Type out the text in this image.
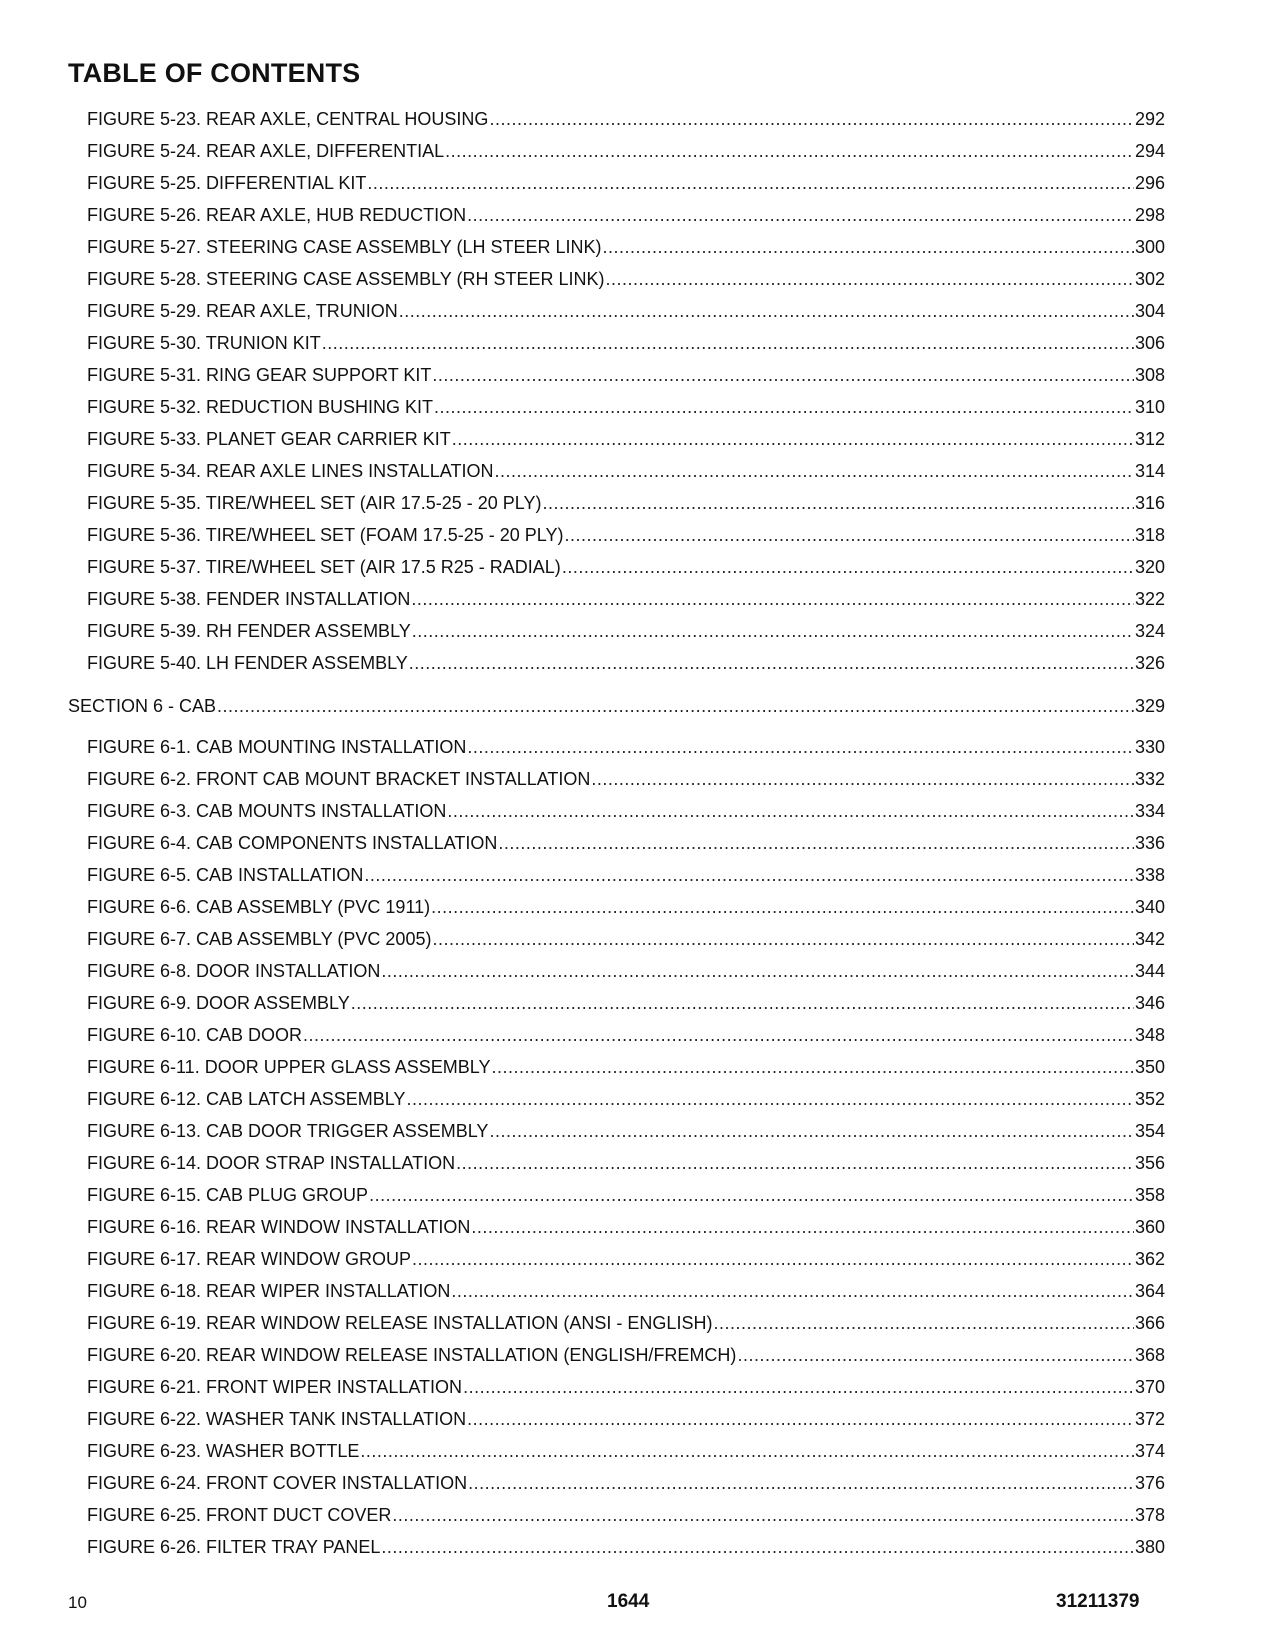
TABLE OF CONTENTS
FIGURE 5-23. REAR AXLE, CENTRAL HOUSING .....	292
FIGURE 5-24. REAR AXLE, DIFFERENTIAL .....	294
FIGURE 5-25. DIFFERENTIAL KIT .....	296
FIGURE 5-26. REAR AXLE, HUB REDUCTION .....	298
FIGURE 5-27. STEERING CASE ASSEMBLY (LH STEER LINK) .....	300
FIGURE 5-28. STEERING CASE ASSEMBLY (RH STEER LINK) .....	302
FIGURE 5-29. REAR AXLE, TRUNION .....	304
FIGURE 5-30. TRUNION KIT .....	306
FIGURE 5-31. RING GEAR SUPPORT KIT .....	308
FIGURE 5-32. REDUCTION BUSHING KIT .....	310
FIGURE 5-33. PLANET GEAR CARRIER KIT .....	312
FIGURE 5-34. REAR AXLE LINES INSTALLATION .....	314
FIGURE 5-35. TIRE/WHEEL SET (AIR 17.5-25 - 20 PLY) .....	316
FIGURE 5-36. TIRE/WHEEL SET (FOAM 17.5-25 - 20 PLY) .....	318
FIGURE 5-37. TIRE/WHEEL SET (AIR 17.5 R25 - RADIAL) .....	320
FIGURE 5-38. FENDER INSTALLATION .....	322
FIGURE 5-39. RH FENDER ASSEMBLY .....	324
FIGURE 5-40. LH FENDER ASSEMBLY .....	326
SECTION 6 - CAB .....	329
FIGURE 6-1. CAB MOUNTING INSTALLATION .....	330
FIGURE 6-2. FRONT CAB MOUNT BRACKET INSTALLATION .....	332
FIGURE 6-3. CAB MOUNTS INSTALLATION .....	334
FIGURE 6-4. CAB COMPONENTS INSTALLATION .....	336
FIGURE 6-5. CAB INSTALLATION .....	338
FIGURE 6-6. CAB ASSEMBLY (PVC 1911) .....	340
FIGURE 6-7. CAB ASSEMBLY (PVC 2005) .....	342
FIGURE 6-8. DOOR INSTALLATION .....	344
FIGURE 6-9. DOOR ASSEMBLY .....	346
FIGURE 6-10. CAB DOOR .....	348
FIGURE 6-11. DOOR UPPER GLASS ASSEMBLY .....	350
FIGURE 6-12. CAB LATCH ASSEMBLY .....	352
FIGURE 6-13. CAB DOOR TRIGGER ASSEMBLY .....	354
FIGURE 6-14. DOOR STRAP INSTALLATION .....	356
FIGURE 6-15. CAB PLUG GROUP .....	358
FIGURE 6-16. REAR WINDOW INSTALLATION .....	360
FIGURE 6-17. REAR WINDOW GROUP .....	362
FIGURE 6-18. REAR WIPER INSTALLATION .....	364
FIGURE 6-19. REAR WINDOW RELEASE INSTALLATION (ANSI - ENGLISH) .....	366
FIGURE 6-20. REAR WINDOW RELEASE INSTALLATION (ENGLISH/FREMCH) .....	368
FIGURE 6-21. FRONT WIPER INSTALLATION .....	370
FIGURE 6-22. WASHER TANK INSTALLATION .....	372
FIGURE 6-23. WASHER BOTTLE .....	374
FIGURE 6-24. FRONT COVER INSTALLATION .....	376
FIGURE 6-25. FRONT DUCT COVER .....	378
FIGURE 6-26. FILTER TRAY PANEL .....	380
10	1644	31211379
